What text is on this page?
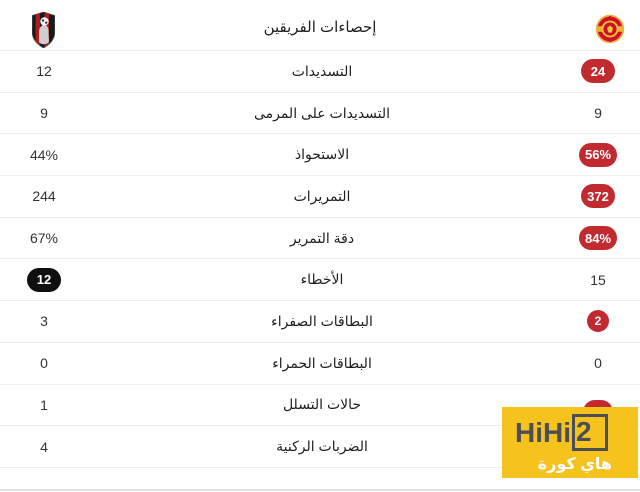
إحصاءات الفريقين
12	التسديدات	24
9	التسديدات على المرمى	9
44%	الاستحواذ	56%
244	التمريرات	372
67%	دقة التمرير	84%
12	الأخطاء	15
3	البطاقات الصفراء	2
0	البطاقات الحمراء	0
1	حالات التسلل
4	الضربات الركنية	HiHi 2
هاي كورة
